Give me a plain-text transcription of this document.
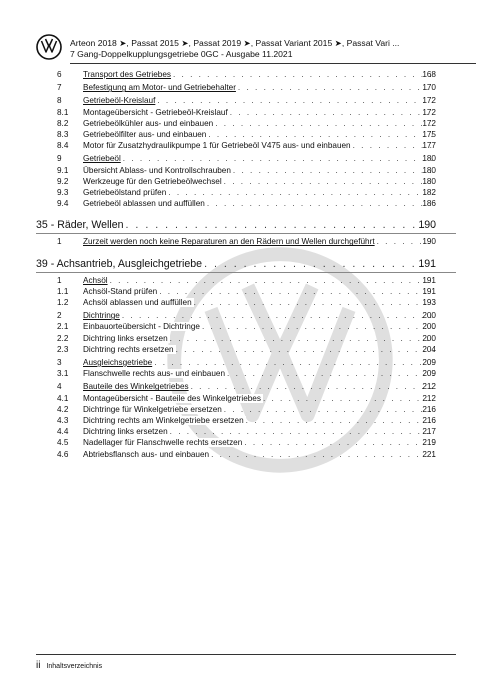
Arteon 2018 ➤, Passat 2015 ➤, Passat 2019 ➤, Passat Variant 2015 ➤, Passat Vari ...
7 Gang-Doppelkupplungsgetriebe 0GC - Ausgabe 11.2021
6	Transport des Getriebes . . .	168
7	Befestigung am Motor- und Getriebehalter . . .	170
8	Getriebeöl-Kreislauf . . .	172
8.1 Montageübersicht - Getriebeöl-Kreislauf . . .	172
8.2 Getriebeölkühler aus- und einbauen . . .	172
8.3 Getriebeölfilter aus- und einbauen . . .	175
8.4 Motor für Zusatzhydraulikpumpe 1 für Getriebeöl V475 aus- und einbauen . . .	177
9	Getriebeöl . . .	180
9.1 Übersicht Ablass- und Kontrollschrauben . . .	180
9.2 Werkzeuge für den Getriebeölwechsel . . .	180
9.3 Getriebeölstand prüfen . . .	182
9.4 Getriebeöl ablassen und auffüllen . . .	186
35 - Räder, Wellen . . .	190
1	Zurzeit werden noch keine Reparaturen an den Rädern und Wellen durchgeführt . . .	190
39 - Achsantrieb, Ausgleichgetriebe . . .	191
1	Achsöl . . .	191
1.1 Achsöl-Stand prüfen . . .	191
1.2 Achsöl ablassen und auffüllen . . .	193
2	Dichtringe . . .	200
2.1 Einbauorteübersicht - Dichtringe . . .	200
2.2 Dichtring links ersetzen . . .	200
2.3 Dichtring rechts ersetzen . . .	204
3	Ausgleichsgetriebe . . .	209
3.1 Flanschwelle rechts aus- und einbauen . . .	209
4	Bauteile des Winkelgetriebes . . .	212
4.1 Montageübersicht - Bauteile des Winkelgetriebes . . .	212
4.2 Dichtringe für Winkelgetriebe ersetzen . . .	216
4.3 Dichtring rechts am Winkelgetriebe ersetzen . . .	216
4.4 Dichtring links ersetzen . . .	217
4.5 Nadellager für Flanschwelle rechts ersetzen . . .	219
4.6 Abtriebsflansch aus- und einbauen . . .	221
ii Inhaltsverzeichnis
